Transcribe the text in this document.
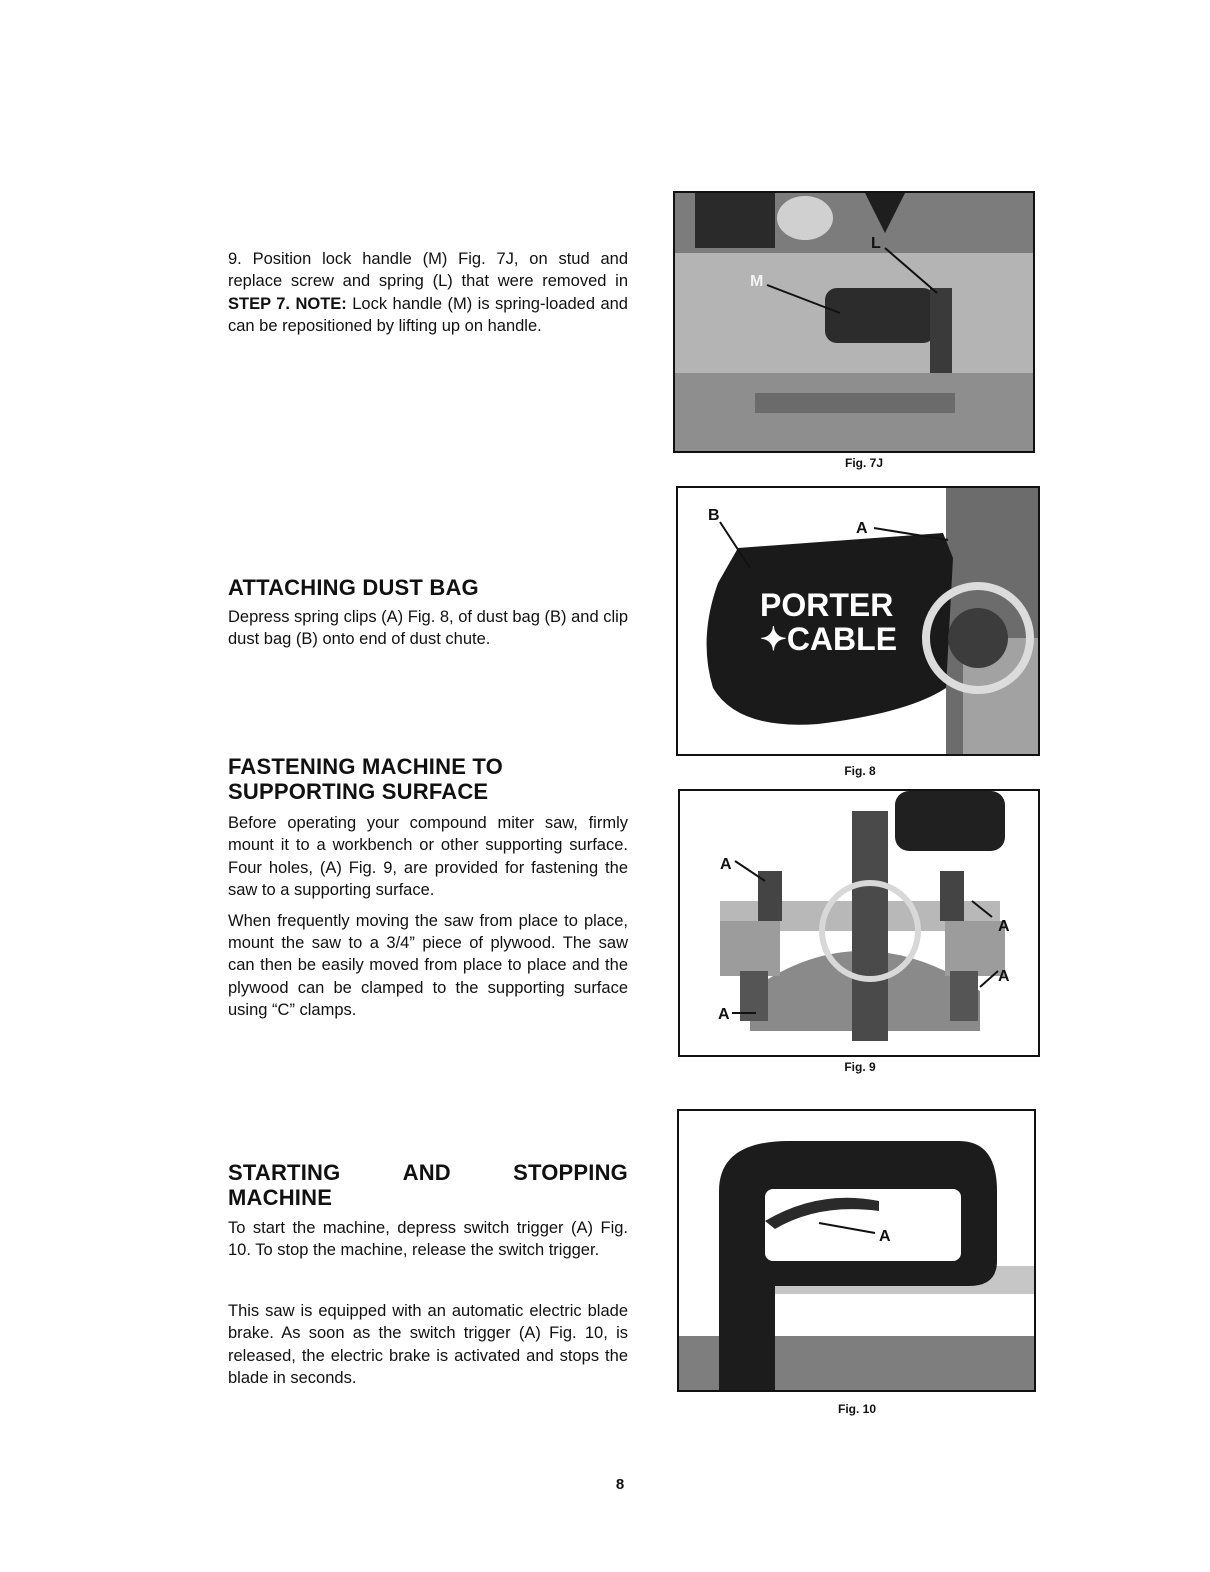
9. Position lock handle (M) Fig. 7J, on stud and replace screw and spring (L) that were removed in STEP 7. NOTE: Lock handle (M) is spring-loaded and can be repositioned by lifting up on handle.

ATTACHING DUST BAG

Depress spring clips (A) Fig. 8, of dust bag (B) and clip dust bag (B) onto end of dust chute.

FASTENING MACHINE TO
SUPPORTING SURFACE

Before operating your compound miter saw, firmly mount it to a workbench or other supporting surface. Four holes, (A) Fig. 9, are provided for fastening the saw to a supporting surface.

When frequently moving the saw from place to place, mount the saw to a 3/4” piece of plywood. The saw can then be easily moved from place to place and the plywood can be clamped to the supporting surface using “C” clamps.

STARTING	AND	STOPPING
MACHINE

To start the machine, depress switch trigger (A) Fig. 10. To stop the machine, release the switch trigger.

This saw is equipped with an automatic electric blade brake. As soon as the switch trigger (A) Fig. 10, is released, the electric brake is activated and stops the blade in seconds.

M
L
Fig. 7J
PORTER
✦CABLE
B
A
Fig. 8
A
A
A
A
Fig. 9
A
Fig. 10
8
